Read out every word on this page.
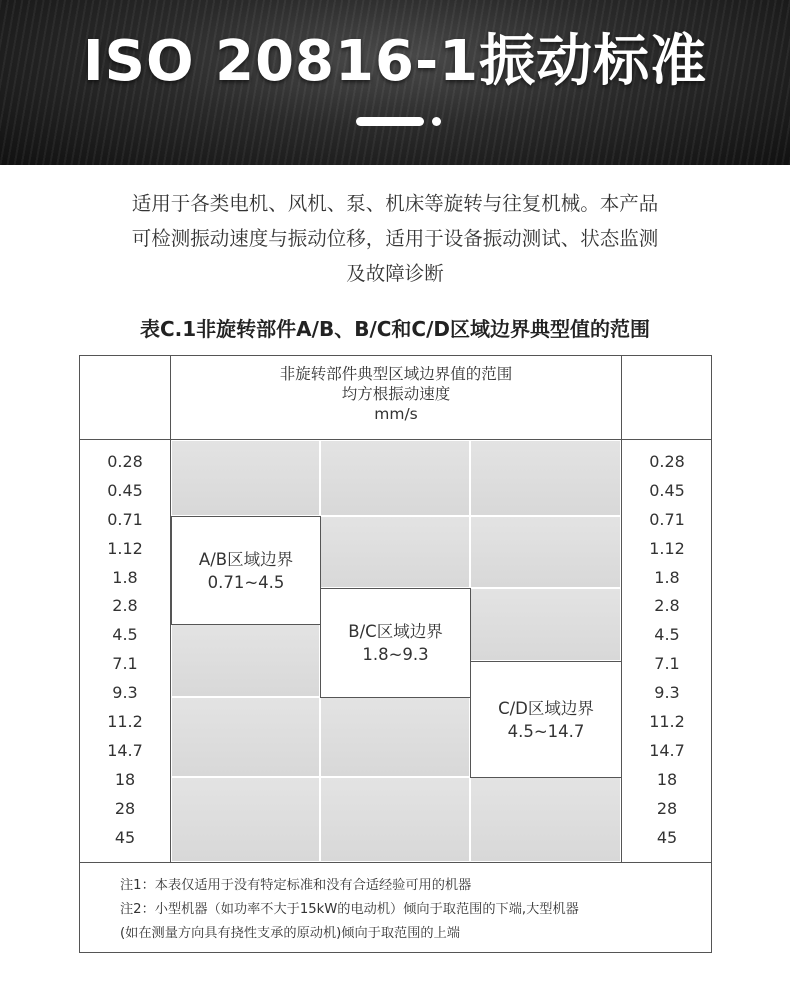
ISO 20816-1振动标准
适用于各类电机、风机、泵、机床等旋转与往复机械。本产品
可检测振动速度与振动位移，适用于设备振动测试、状态监测
及故障诊断
表C.1非旋转部件A/B、B/C和C/D区域边界典型值的范围
非旋转部件典型区域边界值的范围
均方根振动速度
mm/s
A/B区域边界
0.71~4.5
B/C区域边界
1.8~9.3
C/D区域边界
4.5~14.7
0.28
0.45
0.71
1.12
1.8
2.8
4.5
7.1
9.3
11.2
14.7
18
28
45
0.28
0.45
0.71
1.12
1.8
2.8
4.5
7.1
9.3
11.2
14.7
18
28
45
注1：本表仅适用于没有特定标准和没有合适经验可用的机器
注2：小型机器（如功率不大于15kW的电动机）倾向于取范围的下端,大型机器
(如在测量方向具有挠性支承的原动机)倾向于取范围的上端
